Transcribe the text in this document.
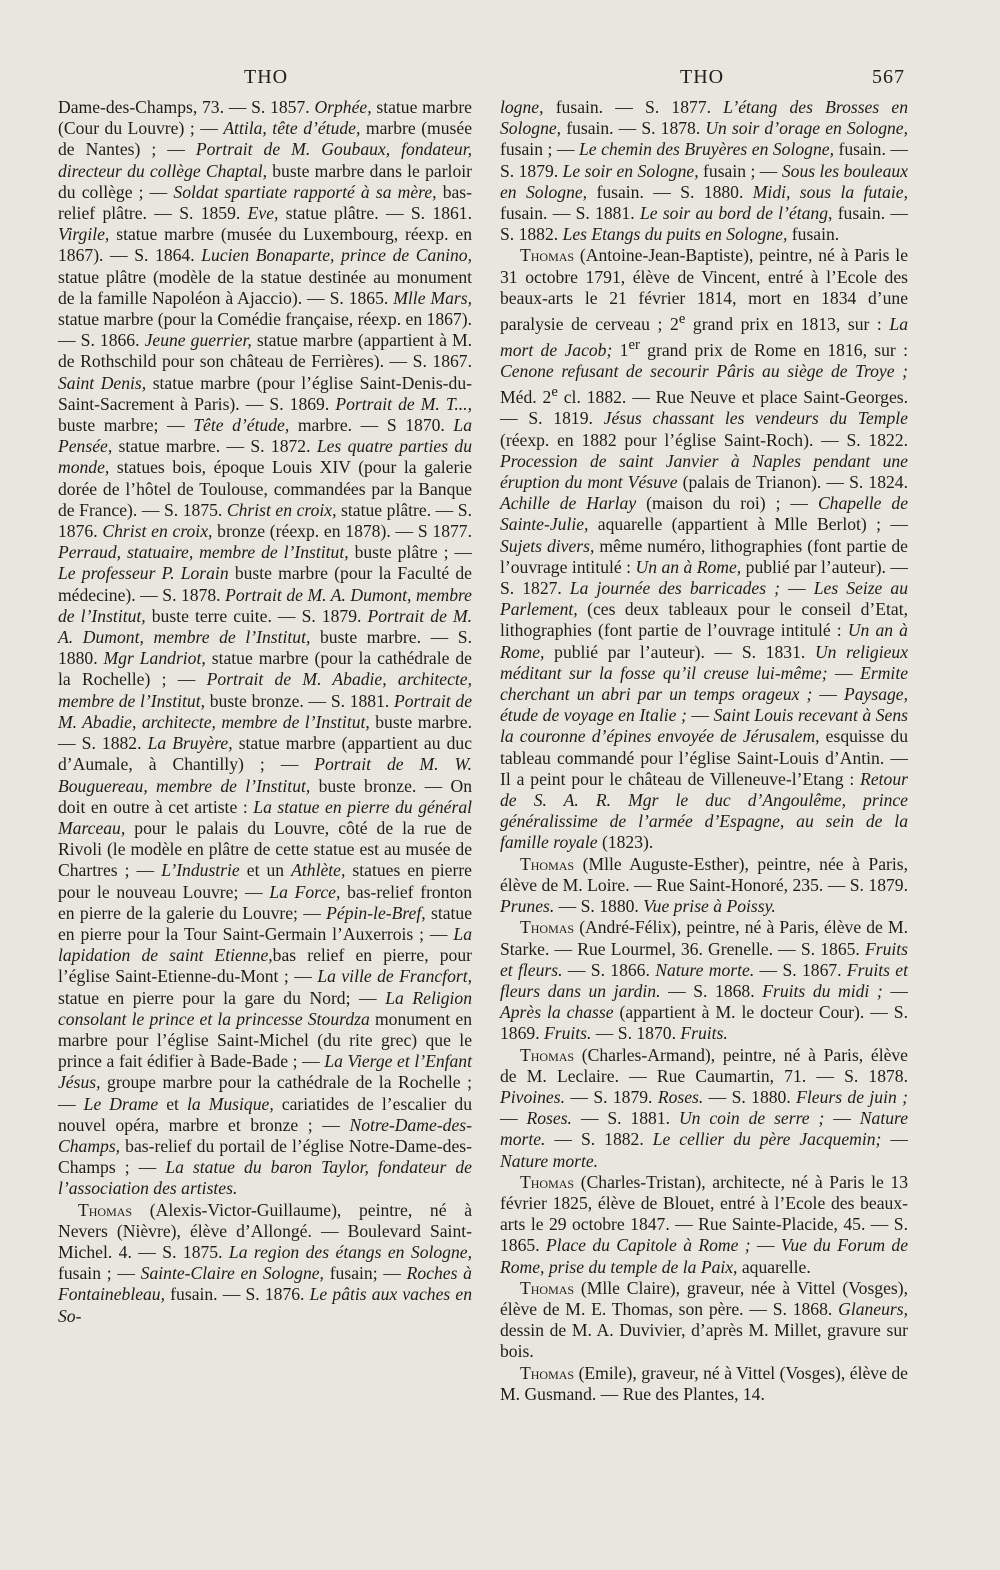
THO	THO	567

Dame-des-Champs, 73. — S. 1857. Orphée, statue marbre (Cour du Louvre) ; — Attila, tête d’étude, marbre (musée de Nantes) ; — Portrait de M. Goubaux, fondateur, directeur du collège Chaptal, buste marbre dans le parloir du collège ; — Soldat spartiate rapporté à sa mère, bas-relief plâtre. — S. 1859. Eve, statue plâtre. — S. 1861. Virgile, statue marbre (musée du Luxembourg, réexp. en 1867). — S. 1864. Lucien Bonaparte, prince de Canino, statue plâtre (modèle de la statue destinée au monument de la famille Napoléon à Ajaccio). — S. 1865. Mlle Mars, statue marbre (pour la Comédie française, réexp. en 1867). — S. 1866. Jeune guerrier, statue marbre (appartient à M. de Rothschild pour son château de Ferrières). — S. 1867. Saint Denis, statue marbre (pour l’église Saint-Denis-du-Saint-Sacrement à Paris). — S. 1869. Portrait de M. T..., buste marbre; — Tête d’étude, marbre. — S 1870. La Pensée, statue marbre. — S. 1872. Les quatre parties du monde, statues bois, époque Louis XIV (pour la galerie dorée de l’hôtel de Toulouse, commandées par la Banque de France). — S. 1875. Christ en croix, statue plâtre. — S. 1876. Christ en croix, bronze (réexp. en 1878). — S 1877. Perraud, statuaire, membre de l’Institut, buste plâtre ; — Le professeur P. Lorain buste marbre (pour la Faculté de médecine). — S. 1878. Portrait de M. A. Dumont, membre de l’Institut, buste terre cuite. — S. 1879. Portrait de M. A. Dumont, membre de l’Institut, buste marbre. — S. 1880. Mgr Landriot, statue marbre (pour la cathédrale de la Rochelle) ; — Portrait de M. Abadie, architecte, membre de l’Institut, buste bronze. — S. 1881. Portrait de M. Abadie, architecte, membre de l’Institut, buste marbre. — S. 1882. La Bruyère, statue marbre (appartient au duc d’Aumale, à Chantilly) ; — Portrait de M. W. Bouguereau, membre de l’Institut, buste bronze. — On doit en outre à cet artiste : La statue en pierre du général Marceau, pour le palais du Louvre, côté de la rue de Rivoli (le modèle en plâtre de cette statue est au musée de Chartres ; — L’Industrie et un Athlète, statues en pierre pour le nouveau Louvre; — La Force, bas-relief fronton en pierre de la galerie du Louvre; — Pépin-le-Bref, statue en pierre pour la Tour Saint-Germain l’Auxerrois ; — La lapidation de saint Etienne,bas relief en pierre, pour l’église Saint-Etienne-du-Mont ; — La ville de Francfort, statue en pierre pour la gare du Nord; — La Religion consolant le prince et la princesse Stourdza monument en marbre pour l’église Saint-Michel (du rite grec) que le prince a fait édifier à Bade-Bade ; — La Vierge et l’Enfant Jésus, groupe marbre pour la cathédrale de la Rochelle ; — Le Drame et la Musique, cariatides de l’escalier du nouvel opéra, marbre et bronze ; — Notre-Dame-des-Champs, bas-relief du portail de l’église Notre-Dame-des-Champs ; — La statue du baron Taylor, fondateur de l’association des artistes.

Thomas (Alexis-Victor-Guillaume), peintre, né à Nevers (Nièvre), élève d’Allongé. — Boulevard Saint-Michel. 4. — S. 1875. La region des étangs en Sologne, fusain ; — Sainte-Claire en Sologne, fusain; — Roches à Fontainebleau, fusain. — S. 1876. Le pâtis aux vaches en So-

logne, fusain. — S. 1877. L’étang des Brosses en Sologne, fusain. — S. 1878. Un soir d’orage en Sologne, fusain ; — Le chemin des Bruyères en Sologne, fusain. — S. 1879. Le soir en Sologne, fusain ; — Sous les bouleaux en Sologne, fusain. — S. 1880. Midi, sous la futaie, fusain. — S. 1881. Le soir au bord de l’étang, fusain. — S. 1882. Les Etangs du puits en Sologne, fusain.

Thomas (Antoine-Jean-Baptiste), peintre, né à Paris le 31 octobre 1791, élève de Vincent, entré à l’Ecole des beaux-arts le 21 février 1814, mort en 1834 d’une paralysie de cerveau ; 2e grand prix en 1813, sur : La mort de Jacob; 1er grand prix de Rome en 1816, sur : Cenone refusant de secourir Pâris au siège de Troye ; Méd. 2e cl. 1882. — Rue Neuve et place Saint-Georges. — S. 1819. Jésus chassant les vendeurs du Temple (réexp. en 1882 pour l’église Saint-Roch). — S. 1822. Procession de saint Janvier à Naples pendant une éruption du mont Vésuve (palais de Trianon). — S. 1824. Achille de Harlay (maison du roi) ; — Chapelle de Sainte-Julie, aquarelle (appartient à Mlle Berlot) ; — Sujets divers, même numéro, lithographies (font partie de l’ouvrage intitulé : Un an à Rome, publié par l’auteur). — S. 1827. La journée des barricades ; — Les Seize au Parlement, (ces deux tableaux pour le conseil d’Etat, lithographies (font partie de l’ouvrage intitulé : Un an à Rome, publié par l’auteur). — S. 1831. Un religieux méditant sur la fosse qu’il creuse lui-même; — Ermite cherchant un abri par un temps orageux ; — Paysage, étude de voyage en Italie ; — Saint Louis recevant à Sens la couronne d’épines envoyée de Jérusalem, esquisse du tableau commandé pour l’église Saint-Louis d’Antin. — Il a peint pour le château de Villeneuve-l’Etang : Retour de S. A. R. Mgr le duc d’Angoulême, prince généralissime de l’armée d’Espagne, au sein de la famille royale (1823).

Thomas (Mlle Auguste-Esther), peintre, née à Paris, élève de M. Loire. — Rue Saint-Honoré, 235. — S. 1879. Prunes. — S. 1880. Vue prise à Poissy.

Thomas (André-Félix), peintre, né à Paris, élève de M. Starke. — Rue Lourmel, 36. Grenelle. — S. 1865. Fruits et fleurs. — S. 1866. Nature morte. — S. 1867. Fruits et fleurs dans un jardin. — S. 1868. Fruits du midi ; — Après la chasse (appartient à M. le docteur Cour). — S. 1869. Fruits. — S. 1870. Fruits.

Thomas (Charles-Armand), peintre, né à Paris, élève de M. Leclaire. — Rue Caumartin, 71. — S. 1878. Pivoines. — S. 1879. Roses. — S. 1880. Fleurs de juin ; — Roses. — S. 1881. Un coin de serre ; — Nature morte. — S. 1882. Le cellier du père Jacquemin; — Nature morte.

Thomas (Charles-Tristan), architecte, né à Paris le 13 février 1825, élève de Blouet, entré à l’Ecole des beaux-arts le 29 octobre 1847. — Rue Sainte-Placide, 45. — S. 1865. Place du Capitole à Rome ; — Vue du Forum de Rome, prise du temple de la Paix, aquarelle.

Thomas (Mlle Claire), graveur, née à Vittel (Vosges), élève de M. E. Thomas, son père. — S. 1868. Glaneurs, dessin de M. A. Duvivier, d’après M. Millet, gravure sur bois.

Thomas (Emile), graveur, né à Vittel (Vosges), élève de M. Gusmand. — Rue des Plantes, 14.
